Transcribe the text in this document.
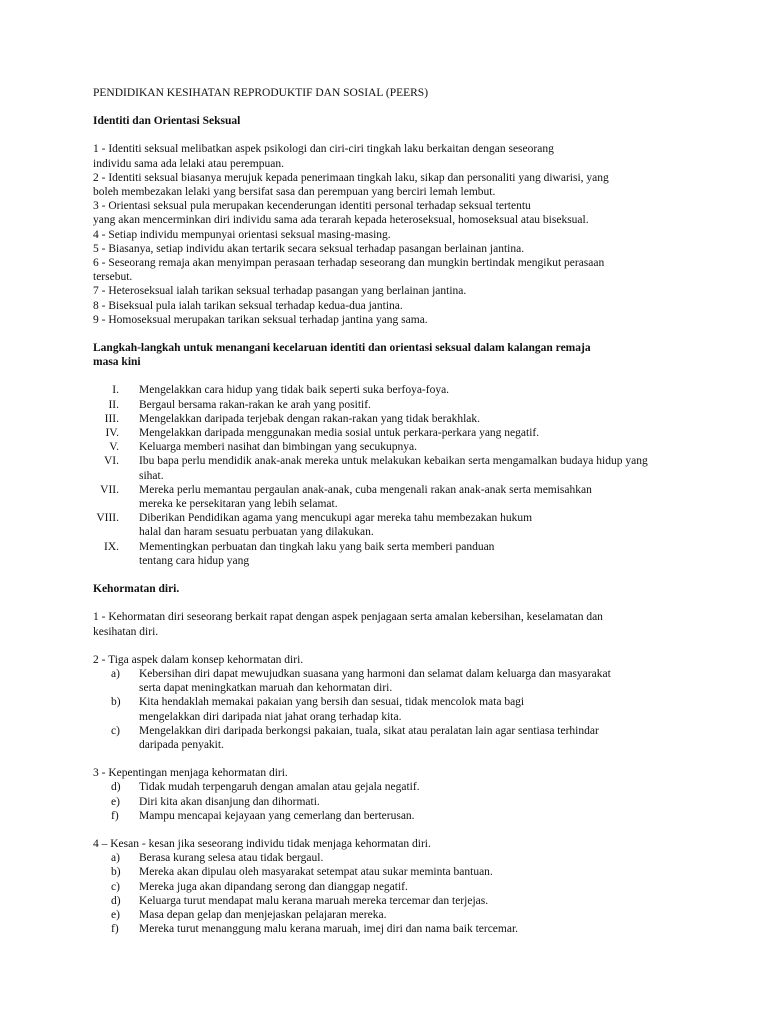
PENDIDIKAN KESIHATAN REPRODUKTIF DAN SOSIAL (PEERS)

Identiti dan Orientasi Seksual

1 - Identiti seksual melibatkan aspek psikologi dan ciri-ciri tingkah laku berkaitan dengan seseorang
individu sama ada lelaki atau perempuan.
2 - Identiti seksual biasanya merujuk kepada penerimaan tingkah laku, sikap dan personaliti yang diwarisi, yang
boleh membezakan lelaki yang bersifat sasa dan perempuan yang berciri lemah lembut.
3 - Orientasi seksual pula merupakan kecenderungan identiti personal terhadap seksual tertentu
yang akan mencerminkan diri individu sama ada terarah kepada heteroseksual, homoseksual atau biseksual.
4 - Setiap individu mempunyai orientasi seksual masing-masing.
5 - Biasanya, setiap individu akan tertarik secara seksual terhadap pasangan berlainan jantina.
6 - Seseorang remaja akan menyimpan perasaan terhadap seseorang dan mungkin bertindak mengikut perasaan
tersebut.
7 - Heteroseksual ialah tarikan seksual terhadap pasangan yang berlainan jantina.
8 - Biseksual pula ialah tarikan seksual terhadap kedua-dua jantina.
9 - Homoseksual merupakan tarikan seksual terhadap jantina yang sama.
Langkah-langkah untuk menangani kecelaruan identiti dan orientasi seksual dalam kalangan remaja
masa kini
I. Mengelakkan cara hidup yang tidak baik seperti suka berfoya-foya.
II. Bergaul bersama rakan-rakan ke arah yang positif.
III. Mengelakkan daripada terjebak dengan rakan-rakan yang tidak berakhlak.
IV. Mengelakkan daripada menggunakan media sosial untuk perkara-perkara yang negatif.
V. Keluarga memberi nasihat dan bimbingan yang secukupnya.
VI. Ibu bapa perlu mendidik anak-anak mereka untuk melakukan kebaikan serta mengamalkan budaya hidup yang
sihat.
VII. Mereka perlu memantau pergaulan anak-anak, cuba mengenali rakan anak-anak serta memisahkan
mereka ke persekitaran yang lebih selamat.
VIII. Diberikan Pendidikan agama yang mencukupi agar mereka tahu membezakan hukum
halal dan haram sesuatu perbuatan yang dilakukan.
IX. Mementingkan perbuatan dan tingkah laku yang baik serta memberi panduan
tentang cara hidup yang

Kehormatan diri.

1 - Kehormatan diri seseorang berkait rapat dengan aspek penjagaan serta amalan kebersihan, keselamatan dan
kesihatan diri.
2 - Tiga aspek dalam konsep kehormatan diri.
a)	Kebersihan diri dapat mewujudkan suasana yang harmoni dan selamat dalam keluarga dan masyarakat
serta dapat meningkatkan maruah dan kehormatan diri.
b)	Kita hendaklah memakai pakaian yang bersih dan sesuai, tidak mencolok mata bagi
mengelakkan diri daripada niat jahat orang terhadap kita.
c)	Mengelakkan diri daripada berkongsi pakaian, tuala, sikat atau peralatan lain agar sentiasa terhindar
daripada penyakit.
3 - Kepentingan menjaga kehormatan diri.
d)	Tidak mudah terpengaruh dengan amalan atau gejala negatif.
e)	Diri kita akan disanjung dan dihormati.
f)	Mampu mencapai kejayaan yang cemerlang dan berterusan.
4 – Kesan - kesan jika seseorang individu tidak menjaga kehormatan diri.
a)	Berasa kurang selesa atau tidak bergaul.
b)	Mereka akan dipulau oleh masyarakat setempat atau sukar meminta bantuan.
c)	Mereka juga akan dipandang serong dan dianggap negatif.
d)	Keluarga turut mendapat malu kerana maruah mereka tercemar dan terjejas.
e)	Masa depan gelap dan menjejaskan pelajaran mereka.
f)	Mereka turut menanggung malu kerana maruah, imej diri dan nama baik tercemar.
